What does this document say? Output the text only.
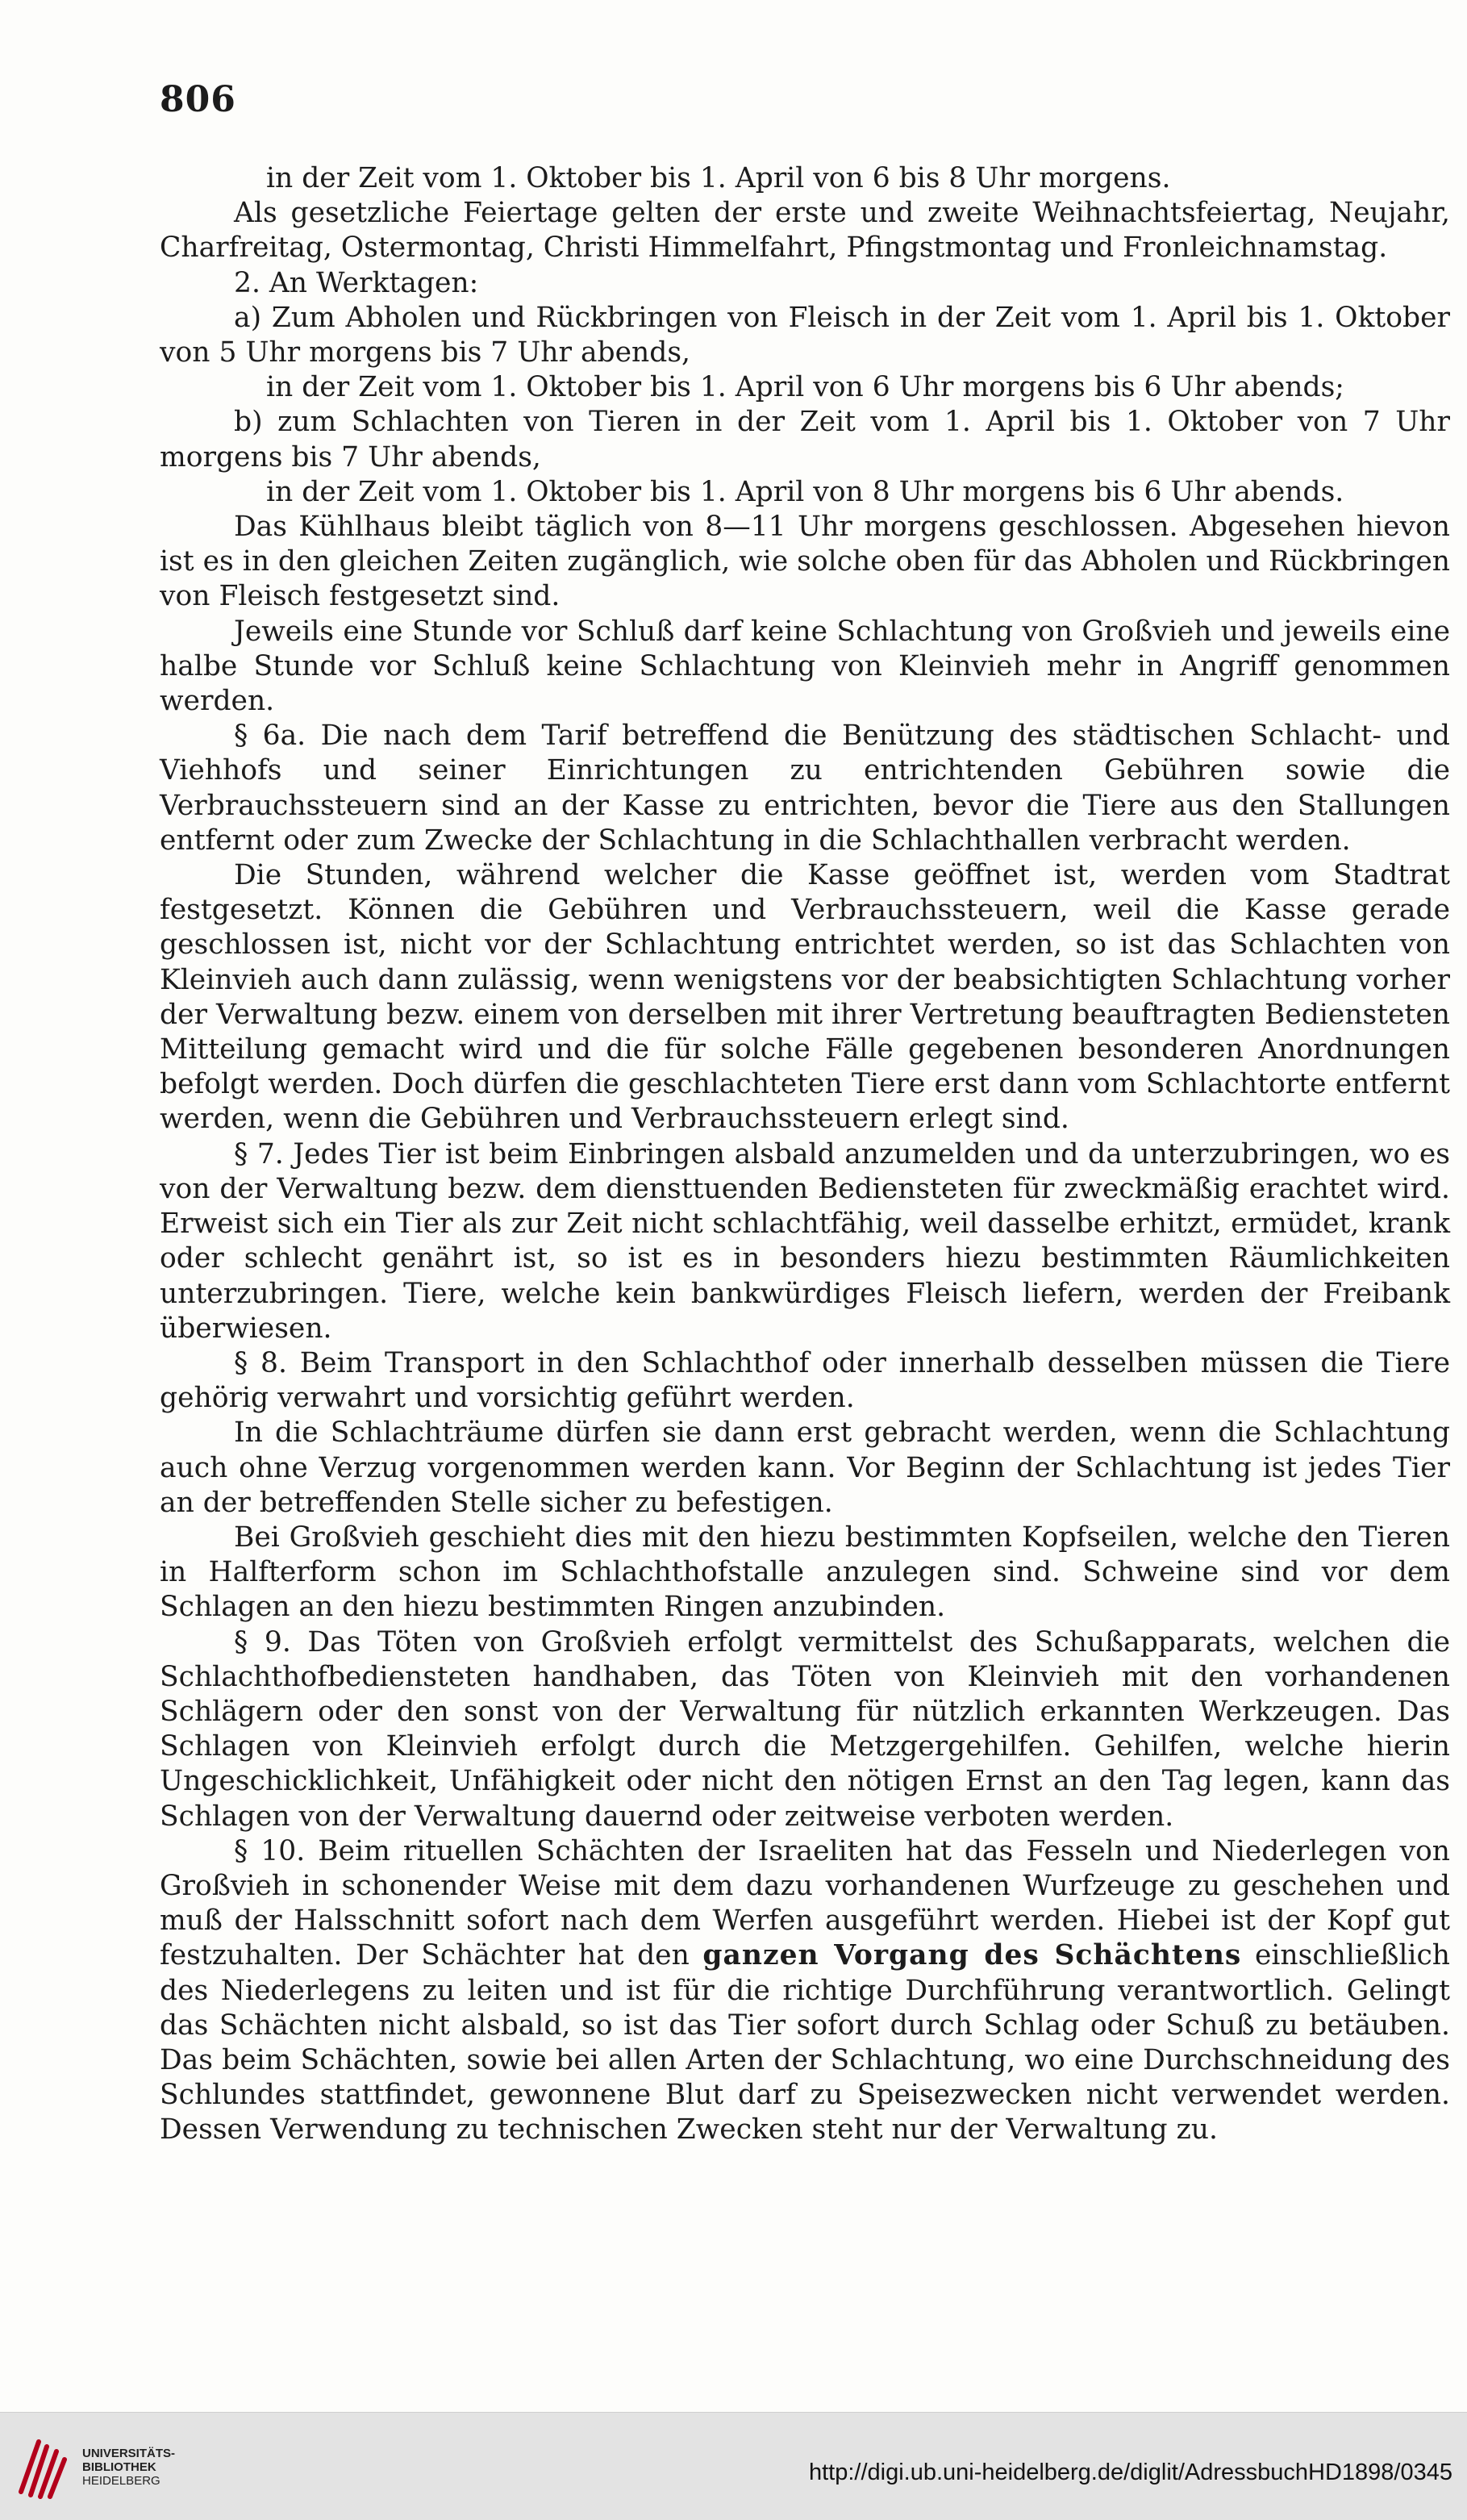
806

in der Zeit vom 1. Oktober bis 1. April von 6 bis 8 Uhr morgens.

Als gesetzliche Feiertage gelten der erste und zweite Weihnachtsfeiertag, Neujahr, Charfreitag, Ostermontag, Christi Himmelfahrt, Pfingstmontag und Fronleichnamstag.

2. An Werktagen:

a) Zum Abholen und Rückbringen von Fleisch in der Zeit vom 1. April bis 1. Oktober von 5 Uhr morgens bis 7 Uhr abends,

in der Zeit vom 1. Oktober bis 1. April von 6 Uhr morgens bis 6 Uhr abends;

b) zum Schlachten von Tieren in der Zeit vom 1. April bis 1. Oktober von 7 Uhr morgens bis 7 Uhr abends,

in der Zeit vom 1. Oktober bis 1. April von 8 Uhr morgens bis 6 Uhr abends.

Das Kühlhaus bleibt täglich von 8—11 Uhr morgens geschlossen. Abgesehen hievon ist es in den gleichen Zeiten zugänglich, wie solche oben für das Abholen und Rückbringen von Fleisch festgesetzt sind.

Jeweils eine Stunde vor Schluß darf keine Schlachtung von Großvieh und jeweils eine halbe Stunde vor Schluß keine Schlachtung von Kleinvieh mehr in Angriff genommen werden.

§ 6a. Die nach dem Tarif betreffend die Benützung des städtischen Schlacht- und Viehhofs und seiner Einrichtungen zu entrichtenden Gebühren sowie die Verbrauchssteuern sind an der Kasse zu entrichten, bevor die Tiere aus den Stallungen entfernt oder zum Zwecke der Schlachtung in die Schlachthallen verbracht werden.

Die Stunden, während welcher die Kasse geöffnet ist, werden vom Stadtrat festgesetzt. Können die Gebühren und Verbrauchssteuern, weil die Kasse gerade geschlossen ist, nicht vor der Schlachtung entrichtet werden, so ist das Schlachten von Kleinvieh auch dann zulässig, wenn wenigstens vor der beabsichtigten Schlachtung vorher der Verwaltung bezw. einem von derselben mit ihrer Vertretung beauftragten Bediensteten Mitteilung gemacht wird und die für solche Fälle gegebenen besonderen Anordnungen befolgt werden. Doch dürfen die geschlachteten Tiere erst dann vom Schlachtorte entfernt werden, wenn die Gebühren und Verbrauchssteuern erlegt sind.

§ 7. Jedes Tier ist beim Einbringen alsbald anzumelden und da unterzubringen, wo es von der Verwaltung bezw. dem diensttuenden Bediensteten für zweckmäßig erachtet wird. Erweist sich ein Tier als zur Zeit nicht schlachtfähig, weil dasselbe erhitzt, ermüdet, krank oder schlecht genährt ist, so ist es in besonders hiezu bestimmten Räumlichkeiten unterzubringen. Tiere, welche kein bankwürdiges Fleisch liefern, werden der Freibank überwiesen.

§ 8. Beim Transport in den Schlachthof oder innerhalb desselben müssen die Tiere gehörig verwahrt und vorsichtig geführt werden.

In die Schlachträume dürfen sie dann erst gebracht werden, wenn die Schlachtung auch ohne Verzug vorgenommen werden kann. Vor Beginn der Schlachtung ist jedes Tier an der betreffenden Stelle sicher zu befestigen.

Bei Großvieh geschieht dies mit den hiezu bestimmten Kopfseilen, welche den Tieren in Halfterform schon im Schlachthofstalle anzulegen sind. Schweine sind vor dem Schlagen an den hiezu bestimmten Ringen anzubinden.

§ 9. Das Töten von Großvieh erfolgt vermittelst des Schußapparats, welchen die Schlachthofbediensteten handhaben, das Töten von Kleinvieh mit den vorhandenen Schlägern oder den sonst von der Verwaltung für nützlich erkannten Werkzeugen. Das Schlagen von Kleinvieh erfolgt durch die Metzgergehilfen. Gehilfen, welche hierin Ungeschicklichkeit, Unfähigkeit oder nicht den nötigen Ernst an den Tag legen, kann das Schlagen von der Verwaltung dauernd oder zeitweise verboten werden.

§ 10. Beim rituellen Schächten der Israeliten hat das Fesseln und Niederlegen von Großvieh in schonender Weise mit dem dazu vorhandenen Wurfzeuge zu geschehen und muß der Halsschnitt sofort nach dem Werfen ausgeführt werden. Hiebei ist der Kopf gut festzuhalten. Der Schächter hat den ganzen Vorgang des Schächtens einschließlich des Niederlegens zu leiten und ist für die richtige Durchführung verantwortlich. Gelingt das Schächten nicht alsbald, so ist das Tier sofort durch Schlag oder Schuß zu betäuben. Das beim Schächten, sowie bei allen Arten der Schlachtung, wo eine Durchschneidung des Schlundes stattfindet, gewonnene Blut darf zu Speisezwecken nicht verwendet werden. Dessen Verwendung zu technischen Zwecken steht nur der Verwaltung zu.

UNIVERSITÄTS-
BIBLIOTHEK
HEIDELBERG	http://digi.ub.uni-heidelberg.de/diglit/AdressbuchHD1898/0345
